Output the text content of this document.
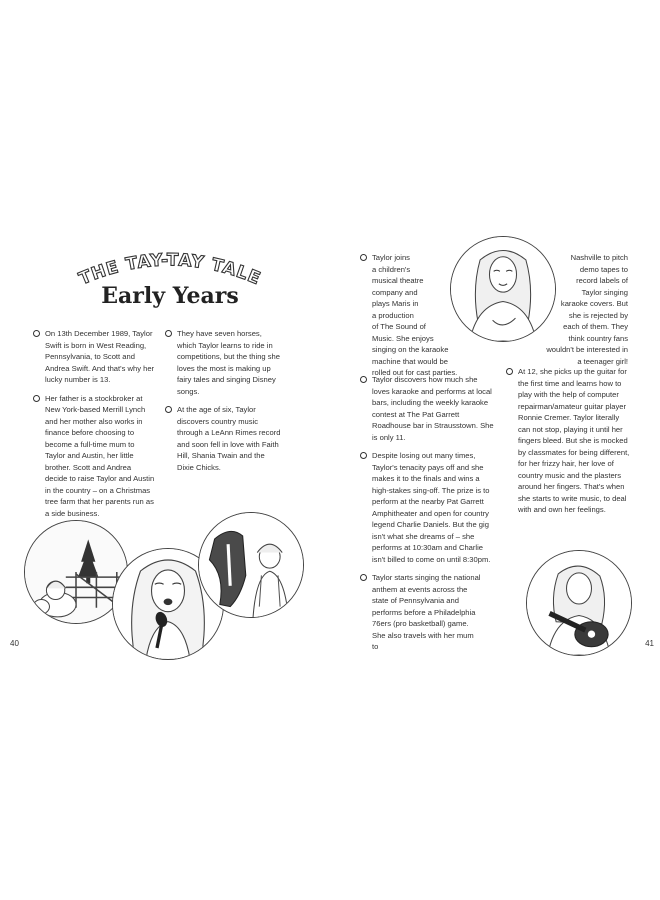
THE TAY-TAY TALE
Early Years
On 13th December 1989, Taylor Swift is born in West Reading, Pennsylvania, to Scott and Andrea Swift. And that's why her lucky number is 13.
Her father is a stockbroker at New York-based Merrill Lynch and her mother also works in finance before choosing to become a full-time mum to Taylor and Austin, her little brother. Scott and Andrea decide to raise Taylor and Austin in the country – on a Christmas tree farm that her parents run as a side business.
They have seven horses, which Taylor learns to ride in competitions, but the thing she loves the most is making up fairy tales and singing Disney songs.
At the age of six, Taylor discovers country music through a LeAnn Rimes record and soon fell in love with Faith Hill, Shania Twain and the Dixie Chicks.
40
Taylor joins
a children's
musical theatre
company and
plays Maris in
a production
of The Sound of
Music. She enjoys
singing on the karaoke
machine that would be
rolled out for cast parties.
Nashville to pitch
demo tapes to
record labels of
Taylor singing
karaoke covers. But
she is rejected by
each of them. They
think country fans
wouldn't be interested in
a teenager girl!
Taylor discovers how much she loves karaoke and performs at local bars, including the weekly karaoke contest at The Pat Garrett Roadhouse bar in Strausstown. She is only 11.
Despite losing out many times, Taylor's tenacity pays off and she makes it to the finals and wins a high-stakes sing-off. The prize is to perform at the nearby Pat Garrett Amphitheater and open for country legend Charlie Daniels. But the gig isn't what she dreams of – she performs at 10:30am and Charlie isn't billed to come on until 8:30pm.
Taylor starts singing the national anthem at events across the state of Pennsylvania and performs before a Philadelphia 76ers (pro basketball) game. She also travels with her mum to
At 12, she picks up the guitar for the first time and learns how to play with the help of computer repairman/amateur guitar player Ronnie Cremer. Taylor literally can not stop, playing it until her fingers bleed. But she is mocked by classmates for being different, for her frizzy hair, her love of country music and the plasters around her fingers. That's when she starts to write music, to deal with and own her feelings.
41
